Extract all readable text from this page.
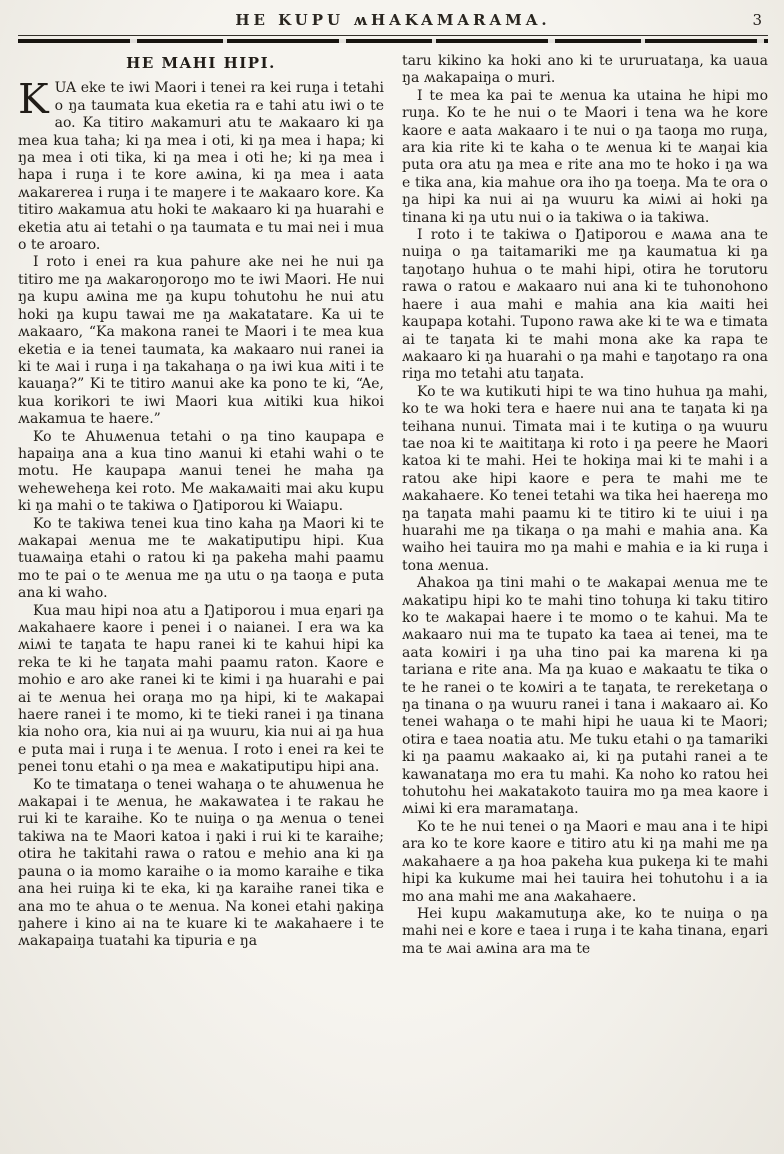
HE KUPU ʍHAKAMARAMA.	3
HE MAHI HIPI.

KUA eke te iwi Maori i tenei ra kei ruŋa i tetahi o ŋa taumata kua eketia ra e tahi atu iwi o te ao. Ka titiro ʍakamuri atu te ʍakaaro ki ŋa mea kua taha; ki ŋa mea i oti, ki ŋa mea i hapa; ki ŋa mea i oti tika, ki ŋa mea i oti he; ki ŋa mea i hapa i ruŋa i te kore aʍina, ki ŋa mea i aata ʍakarerea i ruŋa i te maŋere i te ʍakaaro kore. Ka titiro ʍakamua atu hoki te ʍakaaro ki ŋa huarahi e eketia atu ai tetahi o ŋa taumata e tu mai nei i mua o te aroaro.

I roto i enei ra kua pahure ake nei he nui ŋa titiro me ŋa ʍakaroŋoroŋo mo te iwi Maori. He nui ŋa kupu aʍina me ŋa kupu tohutohu he nui atu hoki ŋa kupu tawai me ŋa ʍakatatare. Ka ui te ʍakaaro, “Ka makona ranei te Maori i te mea kua eketia e ia tenei taumata, ka ʍakaaro nui ranei ia ki te ʍai i ruŋa i ŋa takahaŋa o ŋa iwi kua ʍiti i te kauaŋa?” Ki te titiro ʍanui ake ka pono te ki, “Ae, kua korikori te iwi Maori kua ʍitiki kua hikoi ʍakamua te haere.”

Ko te Ahuʍenua tetahi o ŋa tino kaupapa e hapaiŋa ana a kua tino ʍanui ki etahi wahi o te motu. He kaupapa ʍanui tenei he maha ŋa weheweheŋa kei roto. Me ʍakaʍaiti mai aku kupu ki ŋa mahi o te takiwa o Ŋatiporou ki Waiapu.

Ko te takiwa tenei kua tino kaha ŋa Maori ki te ʍakapai ʍenua me te ʍakatiputipu hipi. Kua tuaʍaiŋa etahi o ratou ki ŋa pakeha mahi paamu mo te pai o te ʍenua me ŋa utu o ŋa taoŋa e puta ana ki waho.

Kua mau hipi noa atu a Ŋatiporou i mua eŋari ŋa ʍakahaere kaore i penei i o naianei. I era wa ka ʍiʍi te taŋata te hapu ranei ki te kahui hipi ka reka te ki he taŋata mahi paamu raton. Kaore e mohio e aro ake ranei ki te kimi i ŋa huarahi e pai ai te ʍenua hei oraŋa mo ŋa hipi, ki te ʍakapai haere ranei i te momo, ki te tieki ranei i ŋa tinana kia noho ora, kia nui ai ŋa wuuru, kia nui ai ŋa hua e puta mai i ruŋa i te ʍenua. I roto i enei ra kei te penei tonu etahi o ŋa mea e ʍakatiputipu hipi ana.

Ko te timataŋa o tenei wahaŋa o te ahuʍenua he ʍakapai i te ʍenua, he ʍakawatea i te rakau he rui ki te karaihe. Ko te nuiŋa o ŋa ʍenua o tenei takiwa na te Maori katoa i ŋaki i rui ki te karaihe; otira he takitahi rawa o ratou e mehio ana ki ŋa pauna o ia momo karaihe o ia momo karaihe e tika ana hei ruiŋa ki te eka, ki ŋa karaihe ranei tika e ana mo te ahua o te ʍenua. Na konei etahi ŋakiŋa ŋahere i kino ai na te kuare ki te ʍakahaere i te ʍakapaiŋa tuatahi ka tipuria e ŋa

taru kikino ka hoki ano ki te ururuataŋa, ka uaua ŋa ʍakapaiŋa o muri.

I te mea ka pai te ʍenua ka utaina he hipi mo ruŋa. Ko te he nui o te Maori i tena wa he kore kaore e aata ʍakaaro i te nui o ŋa taoŋa mo ruŋa, ara kia rite ki te kaha o te ʍenua ki te ʍaŋai kia puta ora atu ŋa mea e rite ana mo te hoko i ŋa wa e tika ana, kia mahue ora iho ŋa toeŋa. Ma te ora o ŋa hipi ka nui ai ŋa wuuru ka ʍiʍi ai hoki ŋa tinana ki ŋa utu nui o ia takiwa o ia takiwa.

I roto i te takiwa o Ŋatiporou e ʍaʍa ana te nuiŋa o ŋa taitamariki me ŋa kaumatua ki ŋa taŋotaŋo huhua o te mahi hipi, otira he torutoru rawa o ratou e ʍakaaro nui ana ki te tuhonohono haere i aua mahi e mahia ana kia ʍaiti hei kaupapa kotahi. Tupono rawa ake ki te wa e timata ai te taŋata ki te mahi mona ake ka rapa te ʍakaaro ki ŋa huarahi o ŋa mahi e taŋotaŋo ra ona riŋa mo tetahi atu taŋata.

Ko te wa kutikuti hipi te wa tino huhua ŋa mahi, ko te wa hoki tera e haere nui ana te taŋata ki ŋa teihana nunui. Timata mai i te kutiŋa o ŋa wuuru tae noa ki te ʍaititaŋa ki roto i ŋa peere he Maori katoa ki te mahi. Hei te hokiŋa mai ki te mahi i a ratou ake hipi kaore e pera te mahi me te ʍakahaere. Ko tenei tetahi wa tika hei haereŋa mo ŋa taŋata mahi paamu ki te titiro ki te uiui i ŋa huarahi me ŋa tikaŋa o ŋa mahi e mahia ana. Ka waiho hei tauira mo ŋa mahi e mahia e ia ki ruŋa i tona ʍenua.

Ahakoa ŋa tini mahi o te ʍakapai ʍenua me te ʍakatipu hipi ko te mahi tino tohuŋa ki taku titiro ko te ʍakapai haere i te momo o te kahui. Ma te ʍakaaro nui ma te tupato ka taea ai tenei, ma te aata koʍiri i ŋa uha tino pai ka marena ki ŋa tariana e rite ana. Ma ŋa kuao e ʍakaatu te tika o te he ranei o te koʍiri a te taŋata, te rereketaŋa o ŋa tinana o ŋa wuuru ranei i tana i ʍakaaro ai. Ko tenei wahaŋa o te mahi hipi he uaua ki te Maori; otira e taea noatia atu. Me tuku etahi o ŋa tamariki ki ŋa paamu ʍakaako ai, ki ŋa putahi ranei a te kawanataŋa mo era tu mahi. Ka noho ko ratou hei tohutohu hei ʍakatakoto tauira mo ŋa mea kaore i ʍiʍi ki era maramataŋa.

Ko te he nui tenei o ŋa Maori e mau ana i te hipi ara ko te kore kaore e titiro atu ki ŋa mahi me ŋa ʍakahaere a ŋa hoa pakeha kua pukeŋa ki te mahi hipi ka kukume mai hei tauira hei tohutohu i a ia mo ana mahi me ana ʍakahaere.

Hei kupu ʍakamutuŋa ake, ko te nuiŋa o ŋa mahi nei e kore e taea i ruŋa i te kaha tinana, eŋari ma te ʍai aʍina ara ma te
